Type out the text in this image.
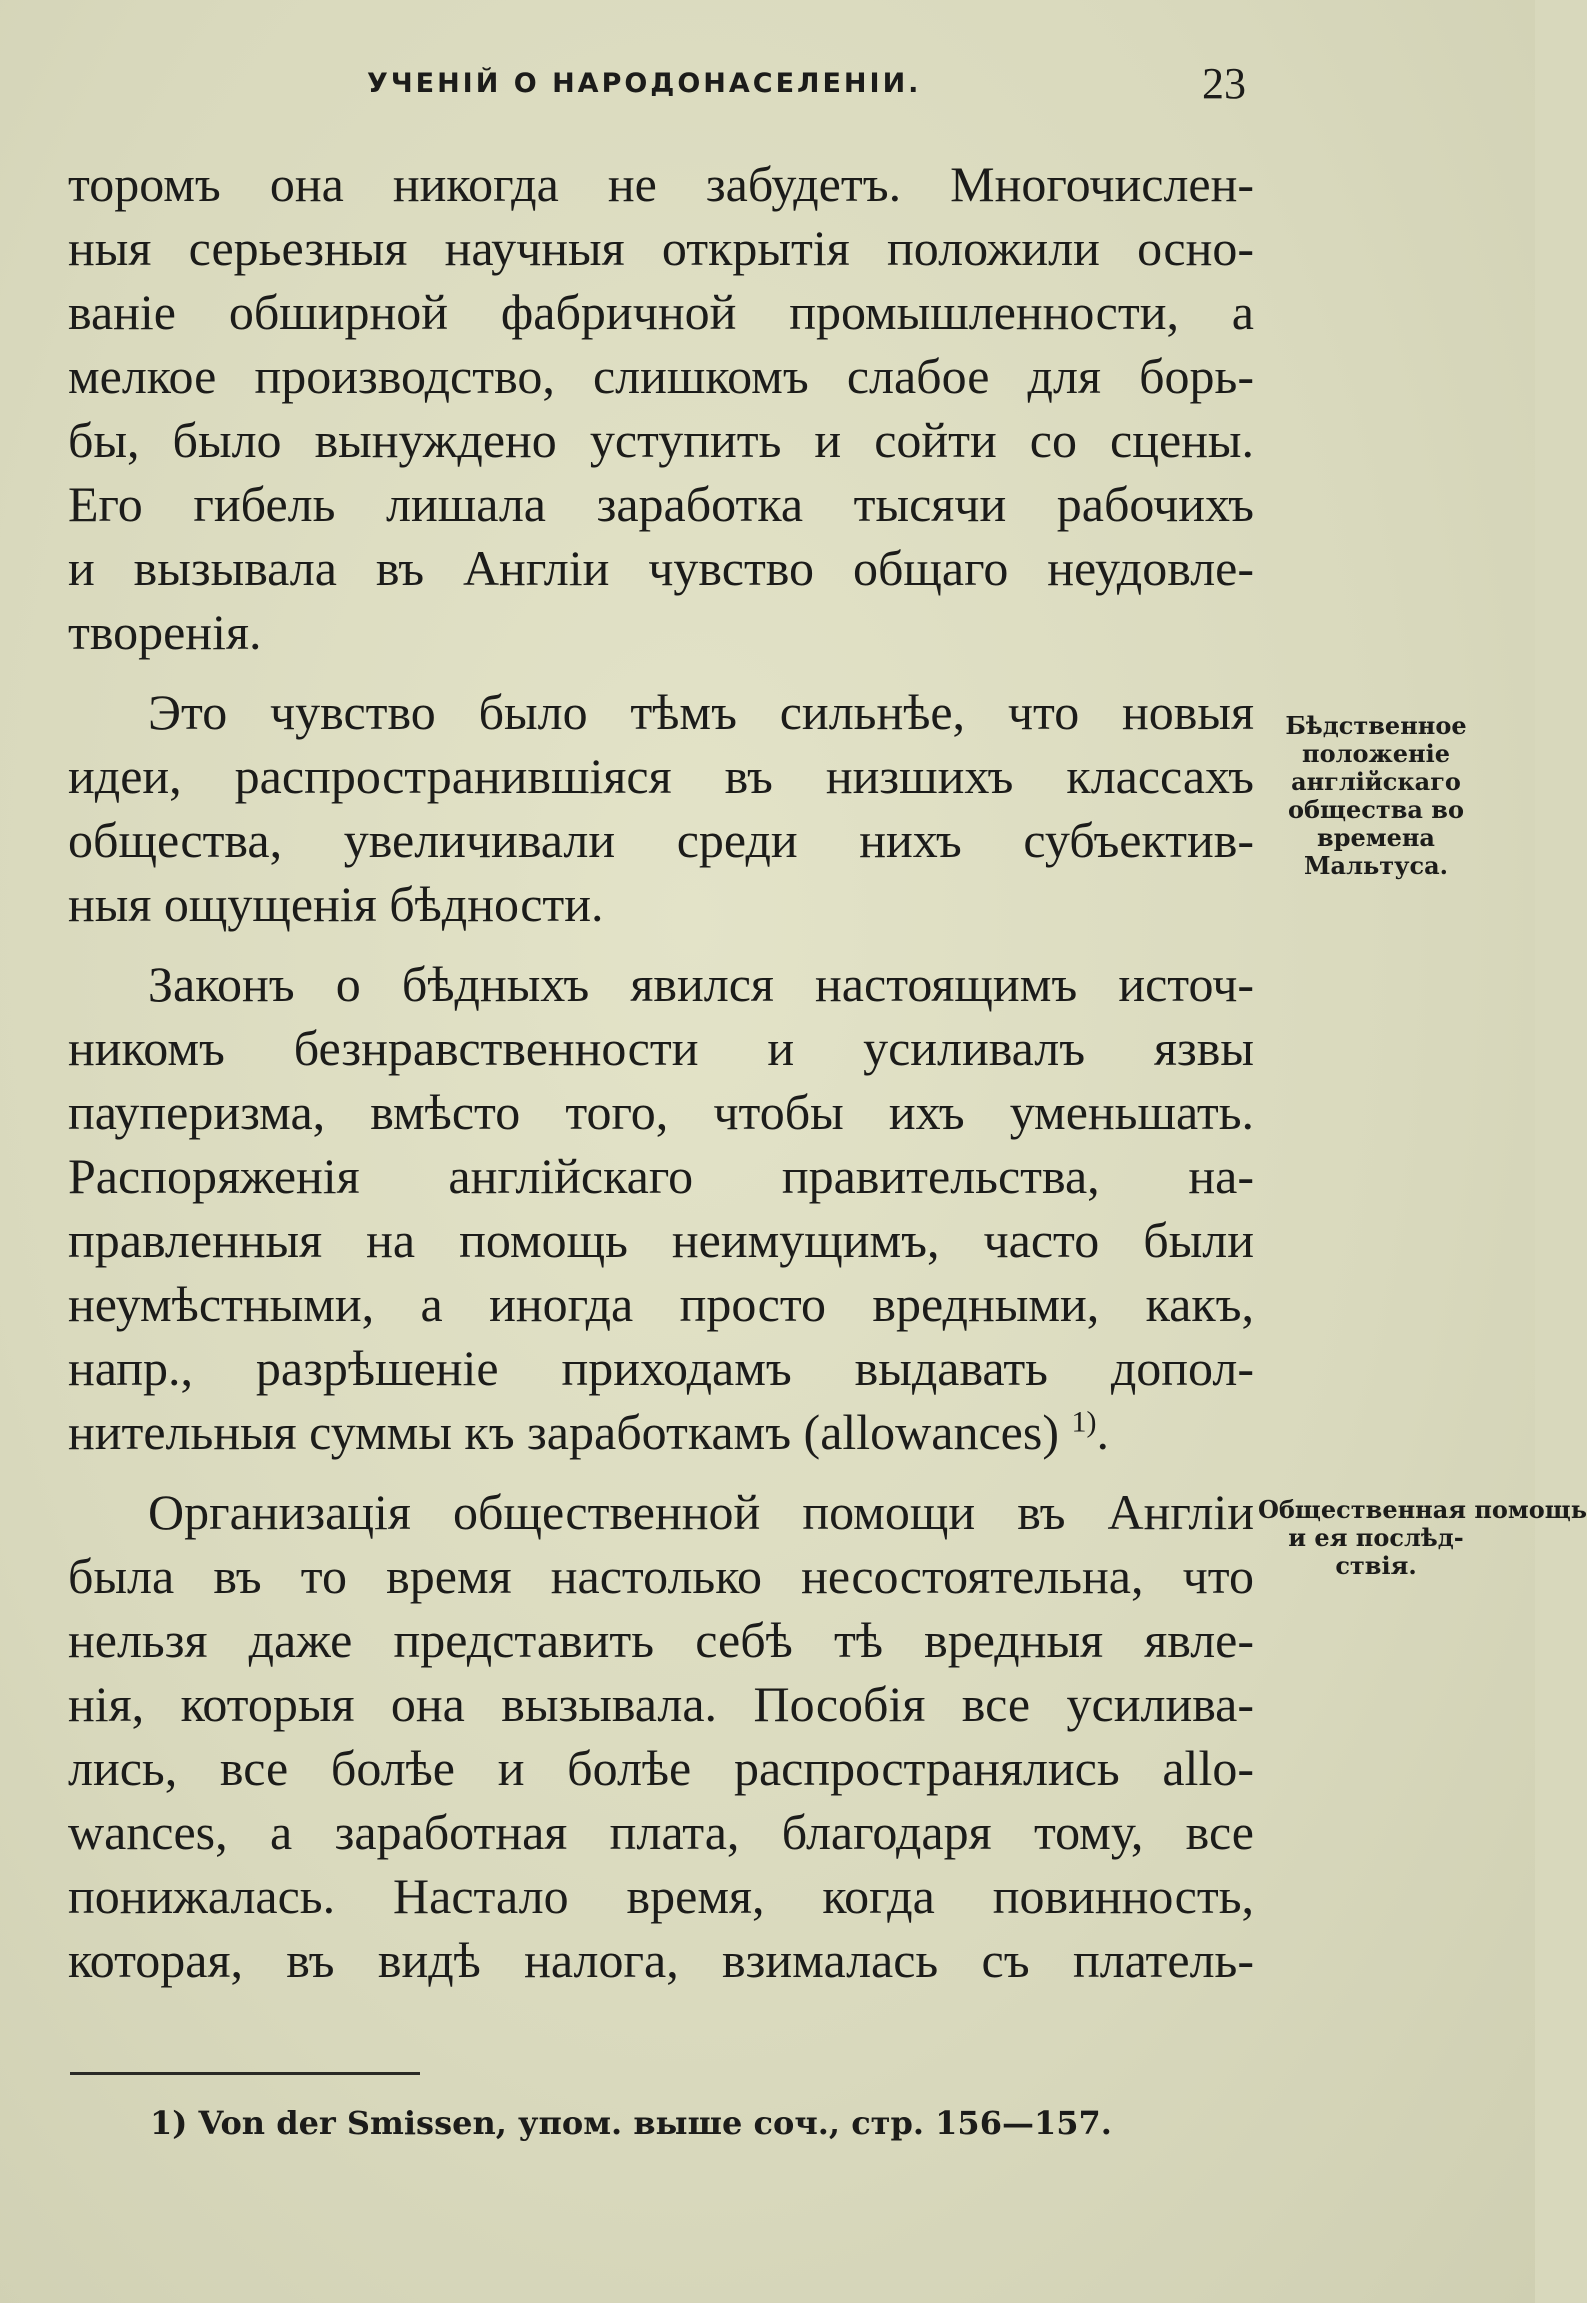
УЧЕНІЙ О НАРОДОНАСЕЛЕНІИ.	23
торомъ она никогда не забудетъ. Многочислен-
ныя серьезныя научныя открытія положили осно-
ваніе обширной фабричной промышленности, а
мелкое производство, слишкомъ слабое для борь-
бы, было вынуждено уступить и сойти со сцены.
Его гибель лишала заработка тысячи рабочихъ
и вызывала въ Англіи чувство общаго неудовле-
творенія.
Это чувство было тѣмъ сильнѣе, что новыя
идеи, распространившіяся въ низшихъ классахъ
общества, увеличивали среди нихъ субъектив-
ныя ощущенія бѣдности.
Законъ о бѣдныхъ явился настоящимъ источ-
никомъ безнравственности и усиливалъ язвы
пауперизма, вмѣсто того, чтобы ихъ уменьшать.
Распоряженія англійскаго правительства, на-
правленныя на помощь неимущимъ, часто были
неумѣстными, а иногда просто вредными, какъ,
напр., разрѣшеніе приходамъ выдавать допол-
нительныя суммы къ заработкамъ (allowances) $^{1)}$.
Организація общественной помощи въ Англіи
была въ то время настолько несостоятельна, что
нельзя даже представить себѣ тѣ вредныя явле-
нія, которыя она вызывала. Пособія все усилива-
лись, все болѣе и болѣе распространялись allo-
wances, а заработная плата, благодаря тому, все
понижалась. Настало время, когда повинность,
которая, въ видѣ налога, взималась съ платель-
Бѣдственное
положеніе
англійскаго
общества во
времена
Мальтуса.
Общественная помощь
и ея послѣд-
ствія.
1) Von der Smissen, упом. выше соч., стр. 156—157.
